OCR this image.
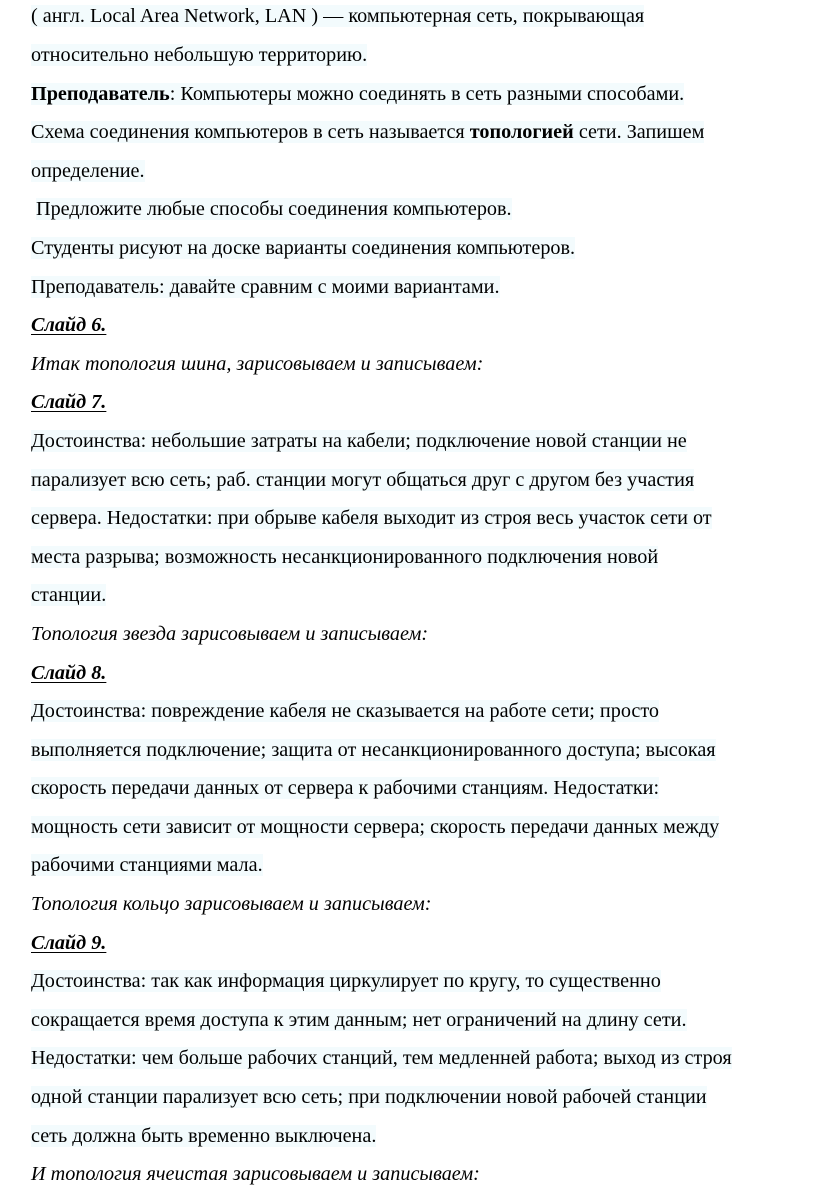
( англ. Local Area Network, LAN ) — компьютерная сеть, покрывающая
относительно небольшую территорию.
Преподаватель: Компьютеры можно соединять в сеть разными способами.
Схема соединения компьютеров в сеть называется топологией сети. Запишем
определение.
Предложите любые способы соединения компьютеров.
Студенты рисуют на доске варианты соединения компьютеров.
Преподаватель: давайте сравним с моими вариантами.
Слайд 6.
Итак топология шина, зарисовываем и записываем:
Слайд 7.
Достоинства: небольшие затраты на кабели; подключение новой станции не
парализует всю сеть; раб. станции могут общаться друг с другом без участия
сервера. Недостатки: при обрыве кабеля выходит из строя весь участок сети от
места разрыва; возможность несанкционированного подключения новой
станции.
Топология звезда зарисовываем и записываем:
Слайд 8.
Достоинства: повреждение кабеля не сказывается на работе сети; просто
выполняется подключение; защита от несанкционированного доступа; высокая
скорость передачи данных от сервера к рабочими станциям. Недостатки:
мощность сети зависит от мощности сервера; скорость передачи данных между
рабочими станциями мала.
Топология кольцо зарисовываем и записываем:
Слайд 9.
Достоинства: так как информация циркулирует по кругу, то существенно
сокращается время доступа к этим данным; нет ограничений на длину сети.
Недостатки: чем больше рабочих станций, тем медленней работа; выход из строя
одной станции парализует всю сеть; при подключении новой рабочей станции
сеть должна быть временно выключена.
И топология ячеистая зарисовываем и записываем:
